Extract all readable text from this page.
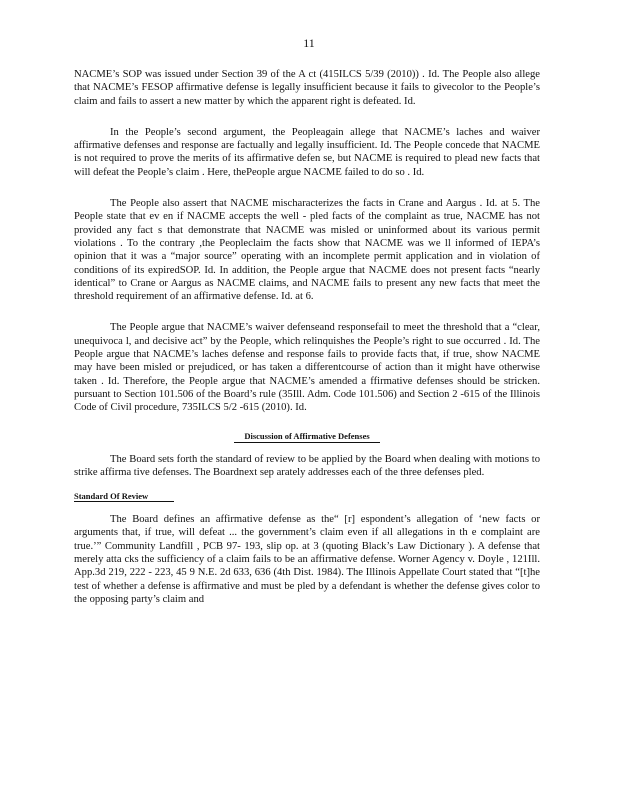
11

NACME’s SOP was issued under Section 39 of the A ct (415ILCS 5/39 (2010)) . Id. The People also allege that NACME’s FESOP affirmative defense is legally insufficient because it fails to givecolor to the People’s claim and fails to assert a new matter by which the apparent right is defeated. Id.

In the People’s second argument, the Peopleagain allege that NACME’s laches and waiver affirmative defenses and response are factually and legally insufficient. Id. The People concede that NACME is not required to prove the merits of its affirmative defen se, but NACME is required to plead new facts that will defeat the People’s claim . Here, thePeople argue NACME failed to do so . Id.

The People also assert that NACME mischaracterizes the facts in Crane and Aargus . Id. at 5. The People state that ev en if NACME accepts the well - pled facts of the complaint as true, NACME has not provided any fact s that demonstrate that NACME was misled or uninformed about its various permit violations . To the contrary ,the Peopleclaim the facts show that NACME was we ll informed of IEPA’s opinion that it was a “major source” operating with an incomplete permit application and in violation of conditions of its expiredSOP. Id. In addition, the People argue that NACME does not present facts “nearly identical” to Crane or Aargus as NACME claims, and NACME fails to present any new facts that meet the threshold requirement of an affirmative defense. Id. at 6.

The People argue that NACME’s waiver defenseand responsefail to meet the threshold that a “clear, unequivoca l, and decisive act” by the People, which relinquishes the People’s right to sue occurred . Id. The People argue that NACME’s laches defense and response fails to provide facts that, if true, show NACME may have been misled or prejudiced, or has taken a differentcourse of action than it might have otherwise taken . Id. Therefore, the People argue that NACME’s amended a ffirmative defenses should be stricken. pursuant to Section 101.506 of the Board’s rule (35Ill. Adm. Code 101.506) and Section 2 -615 of the Illinois Code of Civil procedure, 735ILCS 5/2 -615 (2010). Id.

Discussion of Affirmative Defenses

The Board sets forth the standard of review to be applied by the Board when dealing with motions to strike affirma tive defenses. The Boardnext sep arately addresses each of the three defenses pled.

Standard Of Review

The Board defines an affirmative defense as the“ [r] espondent’s allegation of ‘new facts or arguments that, if true, will defeat ... the government’s claim even if all allegations in th e complaint are true.’” Community Landfill , PCB 97- 193, slip op. at 3 (quoting Black’s Law Dictionary ). A defense that merely atta cks the sufficiency of a claim fails to be an affirmative defense. Worner Agency v. Doyle , 121Ill. App.3d 219, 222 - 223, 45 9 N.E. 2d 633, 636 (4th Dist. 1984). The Illinois Appellate Court stated that “[t]he test of whether a defense is affirmative and must be pled by a defendant is whether the defense gives color to the opposing party’s claim and
